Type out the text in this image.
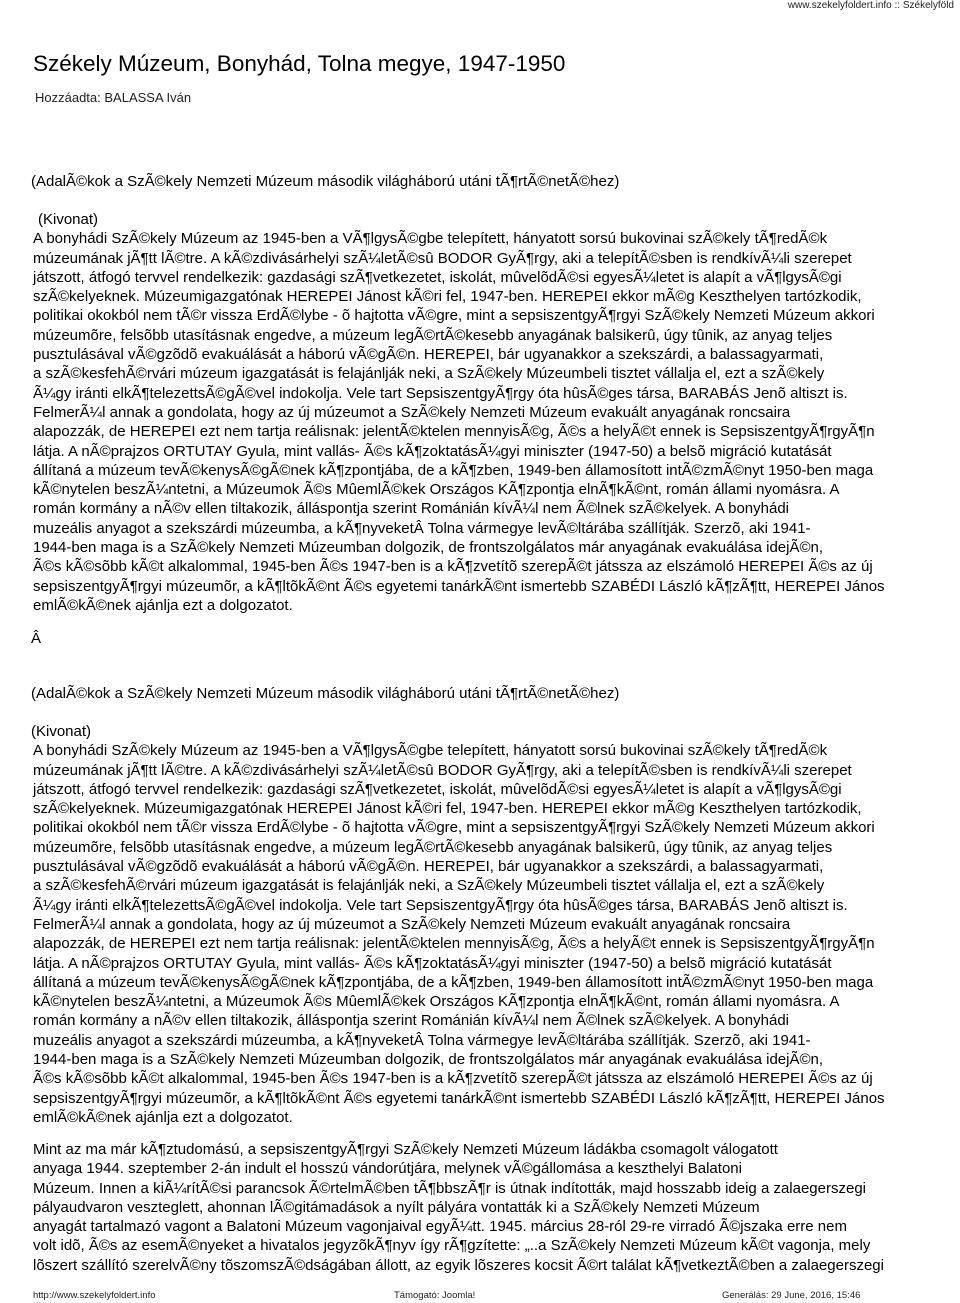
www.szekelyfoldert.info :: Székelyföld
Székely Múzeum, Bonyhád, Tolna megye, 1947-1950
Hozzáadta: BALASSA Iván
(AdalÃ©kok a SzÃ©kely Nemzeti Múzeum második világháború utáni tÃ¶rtÃ©netÃ©hez)
(Kivonat)
A bonyhádi SzÃ©kely Múzeum az 1945-ben a VÃ¶lgysÃ©gbe telepített, hányatott sorsú bukovinai szÃ©kely tÃ¶redÃ©k
múzeumának jÃ¶tt lÃ©tre. A kÃ©zdivásárhelyi szÃ¼letÃ©sû BODOR GyÃ¶rgy, aki a telepítÃ©sben is rendkívÃ¼li szerepet
játszott, átfogó tervvel rendelkezik: gazdasági szÃ¶vetkezetet, iskolát, mûvelõdÃ©si egyesÃ¼letet is alapít a vÃ¶lgysÃ©gi
szÃ©kelyeknek. Múzeumigazgatónak HEREPEI Jánost kÃ©ri fel, 1947-ben. HEREPEI ekkor mÃ©g Keszthelyen tartózkodik,
politikai okokból nem tÃ©r vissza ErdÃ©lybe - õ hajtotta vÃ©gre, mint a sepsiszentgyÃ¶rgyi SzÃ©kely Nemzeti Múzeum akkori
múzeumõre, felsõbb utasításnak engedve, a múzeum legÃ©rtÃ©kesebb anyagának balsikerû, úgy tûnik, az anyag teljes
pusztulásával vÃ©gzõdõ evakuálását a háború vÃ©gÃ©n. HEREPEI, bár ugyanakkor a szekszárdi, a balassagyarmati,
a szÃ©kesfehÃ©rvári múzeum igazgatását is felajánlják neki, a SzÃ©kely Múzeumbeli tisztet vállalja el, ezt a szÃ©kely
Ã¼gy iránti elkÃ¶telezettsÃ©gÃ©vel indokolja. Vele tart SepsiszentgyÃ¶rgy óta hûsÃ©ges társa, BARABÁS Jenõ altiszt is.
FelmerÃ¼l annak a gondolata, hogy az új múzeumot a SzÃ©kely Nemzeti Múzeum evakuált anyagának roncsaira
alapozzák, de HEREPEI ezt nem tartja reálisnak: jelentÃ©ktelen mennyisÃ©g, Ã©s a helyÃ©t ennek is SepsiszentgyÃ¶rgyÃ¶n
látja. A nÃ©prajzos ORTUTAY Gyula, mint vallás- Ã©s kÃ¶zoktatásÃ¼gyi miniszter (1947-50) a belsõ migráció kutatását
állítaná a múzeum tevÃ©kenysÃ©gÃ©nek kÃ¶zpontjába, de a kÃ¶zben, 1949-ben államosított intÃ©zmÃ©nyt 1950-ben maga
kÃ©nytelen beszÃ¼ntetni, a Múzeumok Ã©s MûemlÃ©kek Országos KÃ¶zpontja elnÃ¶kÃ©nt, román állami nyomásra. A
román kormány a nÃ©v ellen tiltakozik, álláspontja szerint Románián kívÃ¼l nem Ã©lnek szÃ©kelyek. A bonyhádi
muzeális anyagot a szekszárdi múzeumba, a kÃ¶nyveketÂ Tolna vármegye levÃ©ltárába szállítják. Szerzõ, aki 1941-
1944-ben maga is a SzÃ©kely Nemzeti Múzeumban dolgozik, de frontszolgálatos már anyagának evakuálása idejÃ©n,
Ã©s kÃ©sõbb kÃ©t alkalommal, 1945-ben Ã©s 1947-ben is a kÃ¶zvetítõ szerepÃ©t játssza az elszámoló HEREPEI Ã©s az új
sepsiszentgyÃ¶rgyi múzeumõr, a kÃ¶ltõkÃ©nt Ã©s egyetemi tanárkÃ©nt ismertebb SZABÉDI László kÃ¶zÃ¶tt, HEREPEI János
emlÃ©kÃ©nek ajánlja ezt a dolgozatot.
Â
(AdalÃ©kok a SzÃ©kely Nemzeti Múzeum második világháború utáni tÃ¶rtÃ©netÃ©hez)
(Kivonat)
A bonyhádi SzÃ©kely Múzeum az 1945-ben a VÃ¶lgysÃ©gbe telepített, hányatott sorsú bukovinai szÃ©kely tÃ¶redÃ©k
múzeumának jÃ¶tt lÃ©tre. A kÃ©zdivásárhelyi szÃ¼letÃ©sû BODOR GyÃ¶rgy, aki a telepítÃ©sben is rendkívÃ¼li szerepet
játszott, átfogó tervvel rendelkezik: gazdasági szÃ¶vetkezetet, iskolát, mûvelõdÃ©si egyesÃ¼letet is alapít a vÃ¶lgysÃ©gi
szÃ©kelyeknek. Múzeumigazgatónak HEREPEI Jánost kÃ©ri fel, 1947-ben. HEREPEI ekkor mÃ©g Keszthelyen tartózkodik,
politikai okokból nem tÃ©r vissza ErdÃ©lybe - õ hajtotta vÃ©gre, mint a sepsiszentgyÃ¶rgyi SzÃ©kely Nemzeti Múzeum akkori
múzeumõre, felsõbb utasításnak engedve, a múzeum legÃ©rtÃ©kesebb anyagának balsikerû, úgy tûnik, az anyag teljes
pusztulásával vÃ©gzõdõ evakuálását a háború vÃ©gÃ©n. HEREPEI, bár ugyanakkor a szekszárdi, a balassagyarmati,
a szÃ©kesfehÃ©rvári múzeum igazgatását is felajánlják neki, a SzÃ©kely Múzeumbeli tisztet vállalja el, ezt a szÃ©kely
Ã¼gy iránti elkÃ¶telezettsÃ©gÃ©vel indokolja. Vele tart SepsiszentgyÃ¶rgy óta hûsÃ©ges társa, BARABÁS Jenõ altiszt is.
FelmerÃ¼l annak a gondolata, hogy az új múzeumot a SzÃ©kely Nemzeti Múzeum evakuált anyagának roncsaira
alapozzák, de HEREPEI ezt nem tartja reálisnak: jelentÃ©ktelen mennyisÃ©g, Ã©s a helyÃ©t ennek is SepsiszentgyÃ¶rgyÃ¶n
látja. A nÃ©prajzos ORTUTAY Gyula, mint vallás- Ã©s kÃ¶zoktatásÃ¼gyi miniszter (1947-50) a belsõ migráció kutatását
állítaná a múzeum tevÃ©kenysÃ©gÃ©nek kÃ¶zpontjába, de a kÃ¶zben, 1949-ben államosított intÃ©zmÃ©nyt 1950-ben maga
kÃ©nytelen beszÃ¼ntetni, a Múzeumok Ã©s MûemlÃ©kek Országos KÃ¶zpontja elnÃ¶kÃ©nt, román állami nyomásra. A
román kormány a nÃ©v ellen tiltakozik, álláspontja szerint Románián kívÃ¼l nem Ã©lnek szÃ©kelyek. A bonyhádi
muzeális anyagot a szekszárdi múzeumba, a kÃ¶nyveketÂ Tolna vármegye levÃ©ltárába szállítják. Szerzõ, aki 1941-
1944-ben maga is a SzÃ©kely Nemzeti Múzeumban dolgozik, de frontszolgálatos már anyagának evakuálása idejÃ©n,
Ã©s kÃ©sõbb kÃ©t alkalommal, 1945-ben Ã©s 1947-ben is a kÃ¶zvetítõ szerepÃ©t játssza az elszámoló HEREPEI Ã©s az új
sepsiszentgyÃ¶rgyi múzeumõr, a kÃ¶ltõkÃ©nt Ã©s egyetemi tanárkÃ©nt ismertebb SZABÉDI László kÃ¶zÃ¶tt, HEREPEI János
emlÃ©kÃ©nek ajánlja ezt a dolgozatot.
Mint az ma már kÃ¶ztudomású, a sepsiszentgyÃ¶rgyi SzÃ©kely Nemzeti Múzeum ládákba csomagolt válogatott
anyaga 1944. szeptember 2-án indult el hosszú vándorútjára, melynek vÃ©gállomása a keszthelyi Balatoni
Múzeum. Innen a kiÃ¼rítÃ©si parancsok Ã©rtelmÃ©ben tÃ¶bbszÃ¶r is útnak indították, majd hosszabb ideig a zalaegerszegi
pályaudvaron veszteglett, ahonnan lÃ©gitámadások a nyílt pályára vontatták ki a SzÃ©kely Nemzeti Múzeum
anyagát tartalmazó vagont a Balatoni Múzeum vagonjaival egyÃ¼tt. 1945. március 28-ról 29-re virradó Ã©jszaka erre nem
volt idõ, Ã©s az esemÃ©nyeket a hivatalos jegyzõkÃ¶nyv így rÃ¶gzítette: „..a SzÃ©kely Nemzeti Múzeum kÃ©t vagonja, mely
lõszert szállító szerelvÃ©ny tõszomszÃ©dságában állott, az egyik lõszeres kocsit Ã©rt találat kÃ¶vetkeztÃ©ben a zalaegerszegi
http://www.szekelyfoldert.info	Támogató: Joomla!	Generálás: 29 June, 2016, 15:46
